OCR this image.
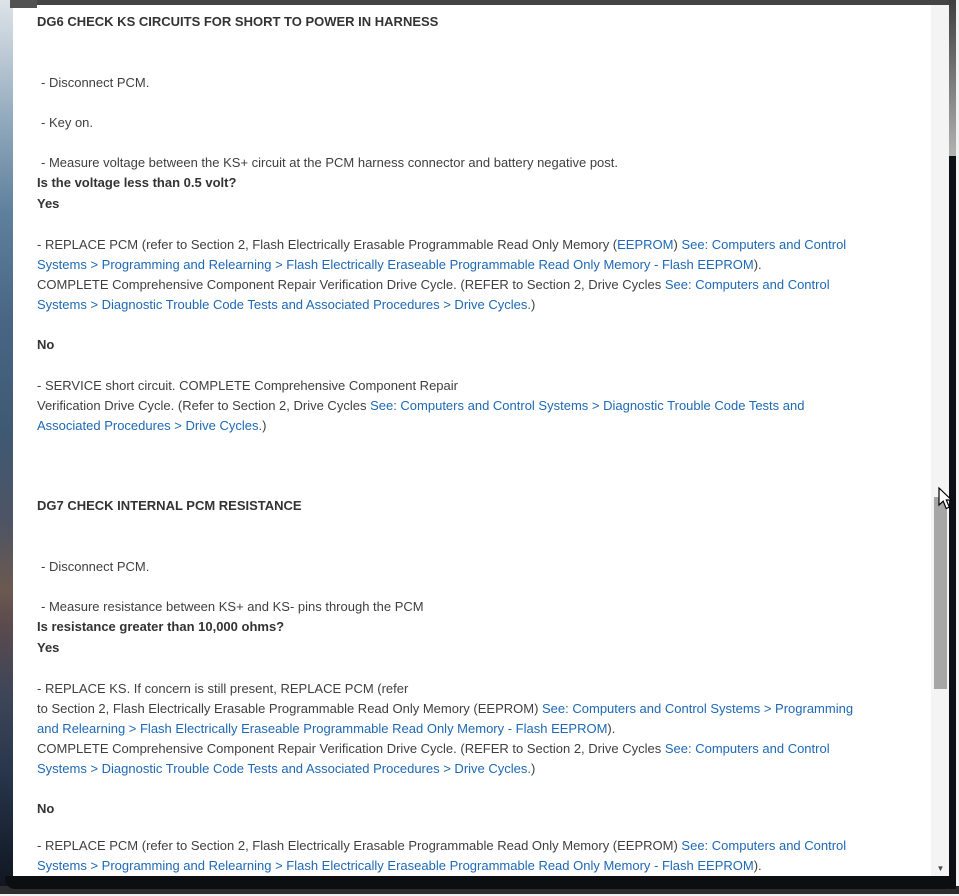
DG6 CHECK KS CIRCUITS FOR SHORT TO POWER IN HARNESS
- Disconnect PCM.
- Key on.
- Measure voltage between the KS+ circuit at the PCM harness connector and battery negative post.
Is the voltage less than 0.5 volt?
Yes
- REPLACE PCM (refer to Section 2, Flash Electrically Erasable Programmable Read Only Memory (EEPROM) See: Computers and Control
Systems > Programming and Relearning > Flash Electrically Eraseable Programmable Read Only Memory - Flash EEPROM).
COMPLETE Comprehensive Component Repair Verification Drive Cycle. (REFER to Section 2, Drive Cycles See: Computers and Control
Systems > Diagnostic Trouble Code Tests and Associated Procedures > Drive Cycles.)
No
- SERVICE short circuit. COMPLETE Comprehensive Component Repair
Verification Drive Cycle. (Refer to Section 2, Drive Cycles See: Computers and Control Systems > Diagnostic Trouble Code Tests and
Associated Procedures > Drive Cycles.)
DG7 CHECK INTERNAL PCM RESISTANCE
- Disconnect PCM.
- Measure resistance between KS+ and KS- pins through the PCM
Is resistance greater than 10,000 ohms?
Yes
- REPLACE KS. If concern is still present, REPLACE PCM (refer
to Section 2, Flash Electrically Erasable Programmable Read Only Memory (EEPROM) See: Computers and Control Systems > Programming
and Relearning > Flash Electrically Eraseable Programmable Read Only Memory - Flash EEPROM).
COMPLETE Comprehensive Component Repair Verification Drive Cycle. (REFER to Section 2, Drive Cycles See: Computers and Control
Systems > Diagnostic Trouble Code Tests and Associated Procedures > Drive Cycles.)
No
- REPLACE PCM (refer to Section 2, Flash Electrically Erasable Programmable Read Only Memory (EEPROM) See: Computers and Control
Systems > Programming and Relearning > Flash Electrically Eraseable Programmable Read Only Memory - Flash EEPROM).	▼
